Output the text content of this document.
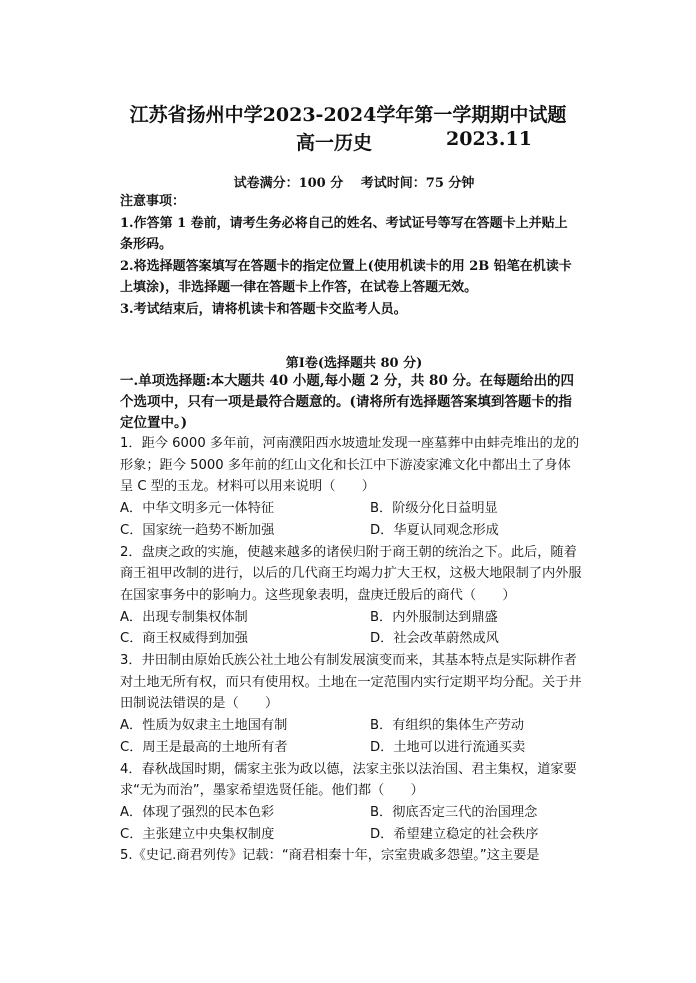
江苏省扬州中学2023-2024学年第一学期期中试题
高一历史	2023.11
试卷满分：100 分　 考试时间：75 分钟

注意事项：

1.作答第 1 卷前，请考生务必将自己的姓名、考试证号等写在答题卡上并贴上条形码。

2.将选择题答案填写在答题卡的指定位置上(使用机读卡的用 2B 铅笔在机读卡上填涂)，非选择题一律在答题卡上作答，在试卷上答题无效。

3.考试结束后，请将机读卡和答题卡交监考人员。

第Ⅰ卷(选择题共 80 分)
一.单项选择题:本大题共 40 小题,每小题 2 分，共 80 分。在每题给出的四个选项中，只有一项是最符合题意的。(请将所有选择题答案填到答题卡的指定位置中。)

1．距今 6000 多年前，河南濮阳西水坡遗址发现一座墓葬中由蚌壳堆出的龙的形象；距今 5000 多年前的红山文化和长江中下游凌家滩文化中都出土了身体呈 C 型的玉龙。材料可以用来说明（　　）

A．中华文明多元一体特征	B．阶级分化日益明显
C．国家统一趋势不断加强	D．华夏认同观念形成

2．盘庚之政的实施，使越来越多的诸侯归附于商王朝的统治之下。此后，随着商王祖甲改制的进行，以后的几代商王均竭力扩大王权，这极大地限制了内外服在国家事务中的影响力。这些现象表明，盘庚迁殷后的商代（　　）

A．出现专制集权体制	B．内外服制达到鼎盛
C．商王权威得到加强	D．社会改革蔚然成风

3．井田制由原始氏族公社土地公有制发展演变而来，其基本特点是实际耕作者对土地无所有权，而只有使用权。土地在一定范围内实行定期平均分配。关于井田制说法错误的是（　　）

A．性质为奴隶主土地国有制	B．有组织的集体生产劳动
C．周王是最高的土地所有者	D．土地可以进行流通买卖

4．春秋战国时期，儒家主张为政以德，法家主张以法治国、君主集权，道家要求“无为而治”，墨家希望选贤任能。他们都（　　）

A．体现了强烈的民本色彩	B．彻底否定三代的治国理念
C．主张建立中央集权制度	D．希望建立稳定的社会秩序

5.《史记.商君列传》记载：“商君相秦十年，宗室贵戚多怨望。”这主要是
